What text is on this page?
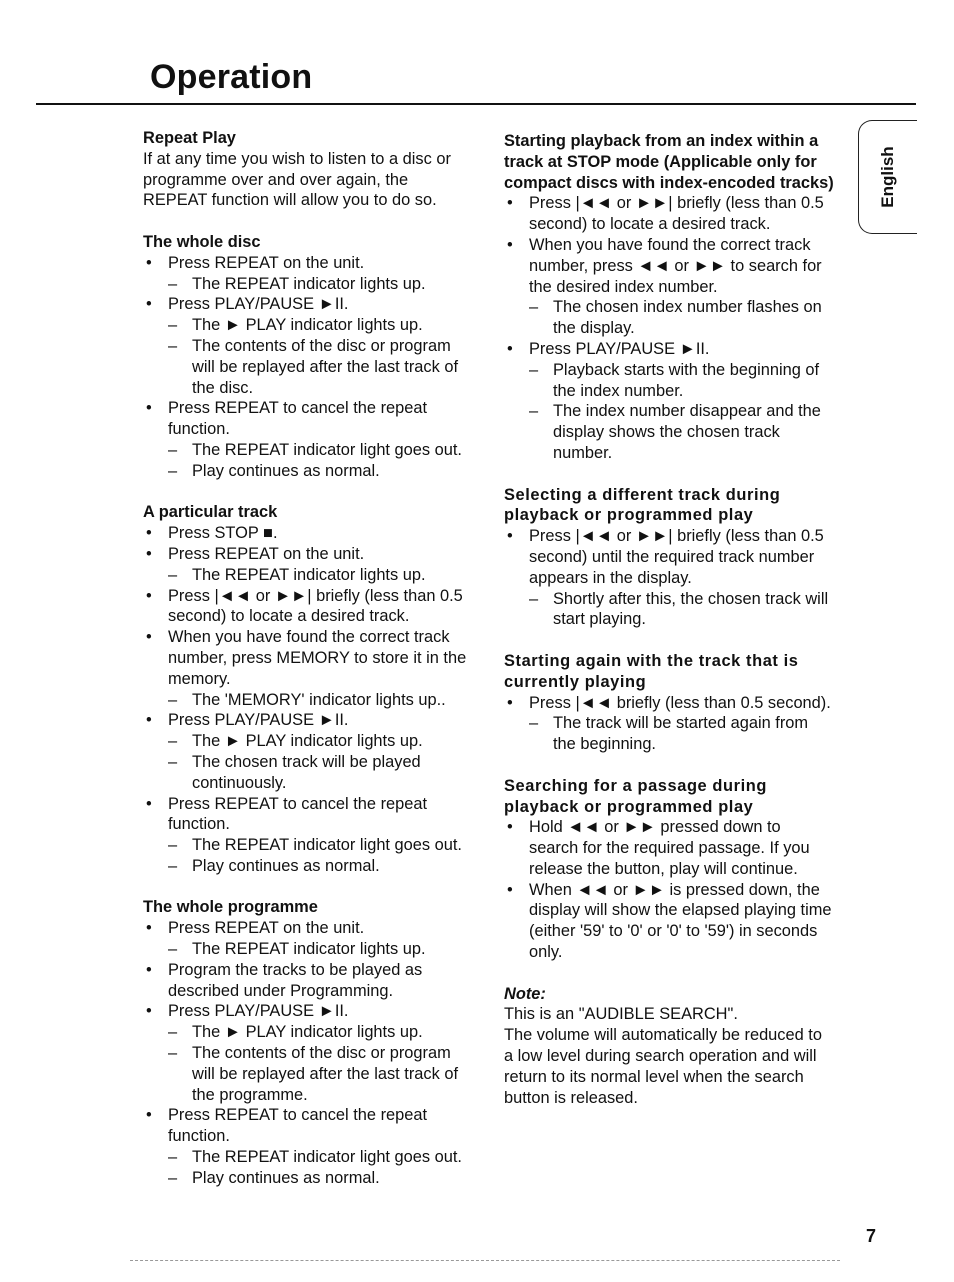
Operation
English

Repeat Play

If at any time you wish to listen to a disc or programme over and over again, the REPEAT function will allow you to do so.

The whole disc

• Press REPEAT on the unit.

– The REPEAT indicator lights up.

• Press PLAY/PAUSE ►II.

– The ► PLAY indicator lights up.

– The contents of the disc or program will be replayed after the last track of the disc.

• Press REPEAT to cancel the repeat function.

– The REPEAT indicator light goes out.

– Play continues as normal.

A particular track

• Press STOP ■.

• Press REPEAT on the unit.

– The REPEAT indicator lights up.

• Press |◄◄ or ►►| briefly (less than 0.5 second) to locate a desired track.

• When you have found the correct track number, press MEMORY to store it in the memory.

– The 'MEMORY' indicator lights up..

• Press PLAY/PAUSE ►II.

– The ► PLAY indicator lights up.

– The chosen track will be played continuously.

• Press REPEAT to cancel the repeat function.

– The REPEAT indicator light goes out.

– Play continues as normal.

The whole programme

• Press REPEAT on the unit.

– The REPEAT indicator lights up.

• Program the tracks to be played as described under Programming.

• Press PLAY/PAUSE ►II.

– The ► PLAY indicator lights up.

– The contents of the disc or program will be replayed after the last track of the programme.

• Press REPEAT to cancel the repeat function.

– The REPEAT indicator light goes out.

– Play continues as normal.

Starting playback from an index within a track at STOP mode (Applicable only for compact discs with index-encoded tracks)

• Press |◄◄ or ►►| briefly (less than 0.5 second) to locate a desired track.

• When you have found the correct track number, press ◄◄ or ►► to search for the desired index number.

– The chosen index number flashes on the display.

• Press PLAY/PAUSE ►II.

– Playback starts with the beginning of the index number.

– The index number disappear and the display shows the chosen track number.

Selecting a different track during playback or programmed play

• Press |◄◄ or ►►| briefly (less than 0.5 second) until the required track number appears in the display.

– Shortly after this, the chosen track will start playing.

Starting again with the track that is currently playing

• Press |◄◄ briefly (less than 0.5 second).

– The track will be started again from the beginning.

Searching for a passage during playback or programmed play

• Hold ◄◄ or ►► pressed down to search for the required passage. If you release the button, play will continue.

• When ◄◄ or ►► is pressed down, the display will show the elapsed playing time (either '59' to '0' or '0' to '59') in seconds only.

Note:

This is an "AUDIBLE SEARCH".

The volume will automatically be reduced to a low level during search operation and will return to its normal level when the search button is released.

7
